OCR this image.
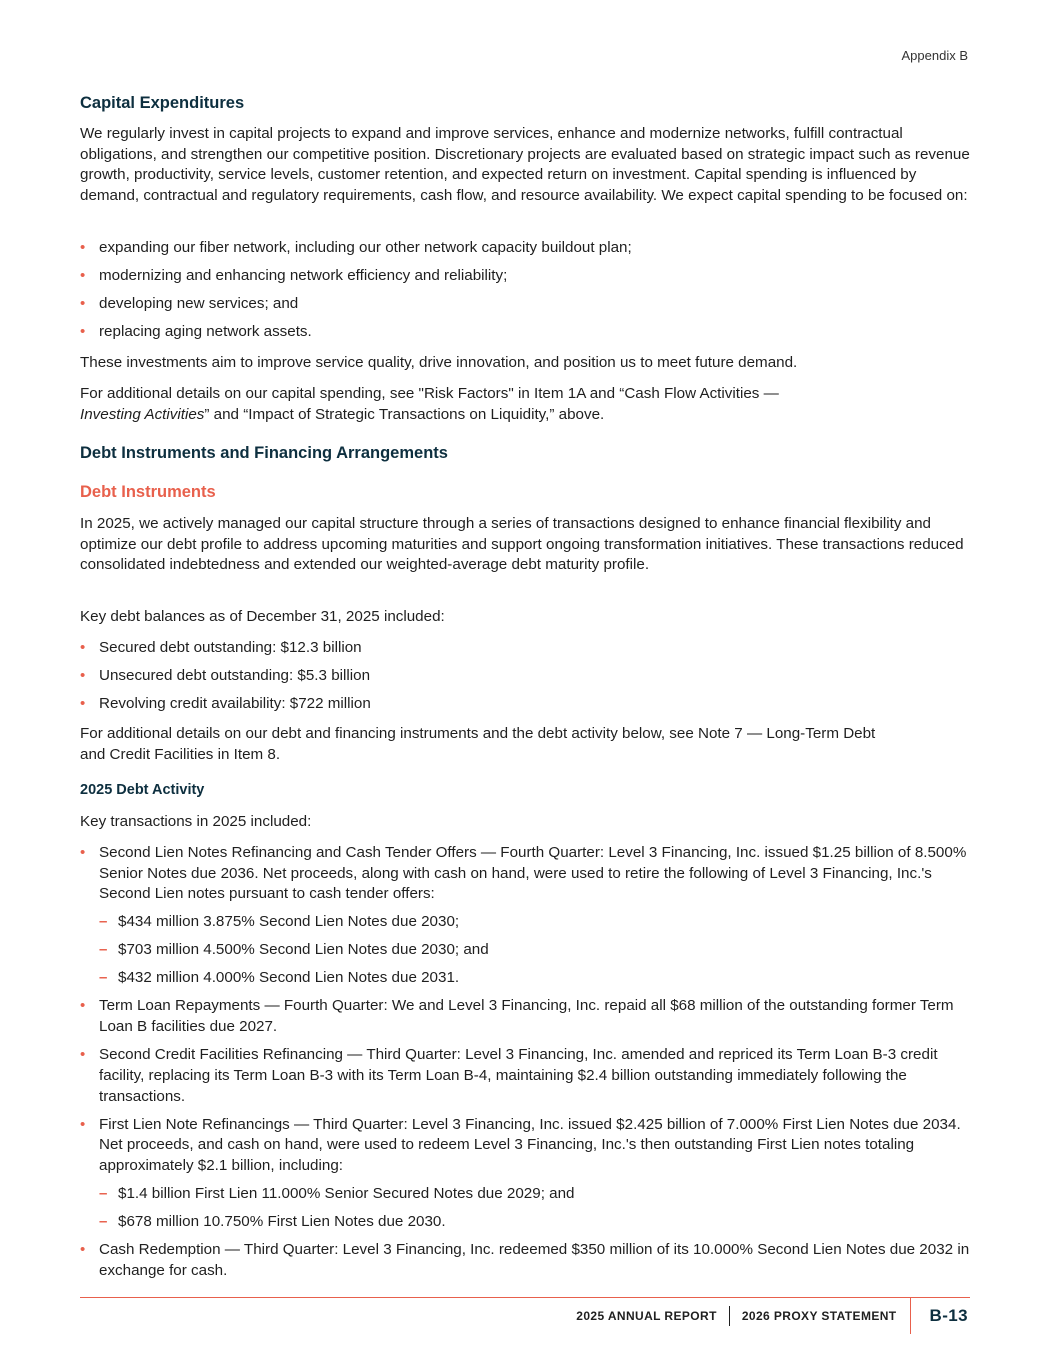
Appendix B
Capital Expenditures

We regularly invest in capital projects to expand and improve services, enhance and modernize networks, fulfill contractual obligations, and strengthen our competitive position. Discretionary projects are evaluated based on strategic impact such as revenue growth, productivity, service levels, customer retention, and expected return on investment. Capital spending is influenced by demand, contractual and regulatory requirements, cash flow, and resource availability. We expect capital spending to be focused on:

• expanding our fiber network, including our other network capacity buildout plan;
• modernizing and enhancing network efficiency and reliability;
• developing new services; and
• replacing aging network assets.

These investments aim to improve service quality, drive innovation, and position us to meet future demand.

For additional details on our capital spending, see "Risk Factors" in Item 1A and “Cash Flow Activities —
Investing Activities” and “Impact of Strategic Transactions on Liquidity,” above.

Debt Instruments and Financing Arrangements
Debt Instruments

In 2025, we actively managed our capital structure through a series of transactions designed to enhance financial flexibility and optimize our debt profile to address upcoming maturities and support ongoing transformation initiatives. These transactions reduced consolidated indebtedness and extended our weighted-average debt maturity profile.

Key debt balances as of December 31, 2025 included:

• Secured debt outstanding: $12.3 billion
• Unsecured debt outstanding: $5.3 billion
• Revolving credit availability: $722 million

For additional details on our debt and financing instruments and the debt activity below, see Note 7 — Long-Term Debt and Credit Facilities in Item 8.

2025 Debt Activity

Key transactions in 2025 included:

• Second Lien Notes Refinancing and Cash Tender Offers — Fourth Quarter: Level 3 Financing, Inc. issued $1.25 billion of 8.500% Senior Notes due 2036. Net proceeds, along with cash on hand, were used to retire the following of Level 3 Financing, Inc.'s Second Lien notes pursuant to cash tender offers:
– $434 million 3.875% Second Lien Notes due 2030;
– $703 million 4.500% Second Lien Notes due 2030; and
– $432 million 4.000% Second Lien Notes due 2031.
• Term Loan Repayments — Fourth Quarter: We and Level 3 Financing, Inc. repaid all $68 million of the outstanding former Term Loan B facilities due 2027.
• Second Credit Facilities Refinancing — Third Quarter: Level 3 Financing, Inc. amended and repriced its Term Loan B-3 credit facility, replacing its Term Loan B-3 with its Term Loan B-4, maintaining $2.4 billion outstanding immediately following the transactions.
• First Lien Note Refinancings — Third Quarter: Level 3 Financing, Inc. issued $2.425 billion of 7.000% First Lien Notes due 2034. Net proceeds, and cash on hand, were used to redeem Level 3 Financing, Inc.'s then outstanding First Lien notes totaling approximately $2.1 billion, including:
– $1.4 billion First Lien 11.000% Senior Secured Notes due 2029; and
– $678 million 10.750% First Lien Notes due 2030.
• Cash Redemption — Third Quarter: Level 3 Financing, Inc. redeemed $350 million of its 10.000% Second Lien Notes due 2032 in exchange for cash.
2025 ANNUAL REPORT 2026 PROXY STATEMENT	B-13
